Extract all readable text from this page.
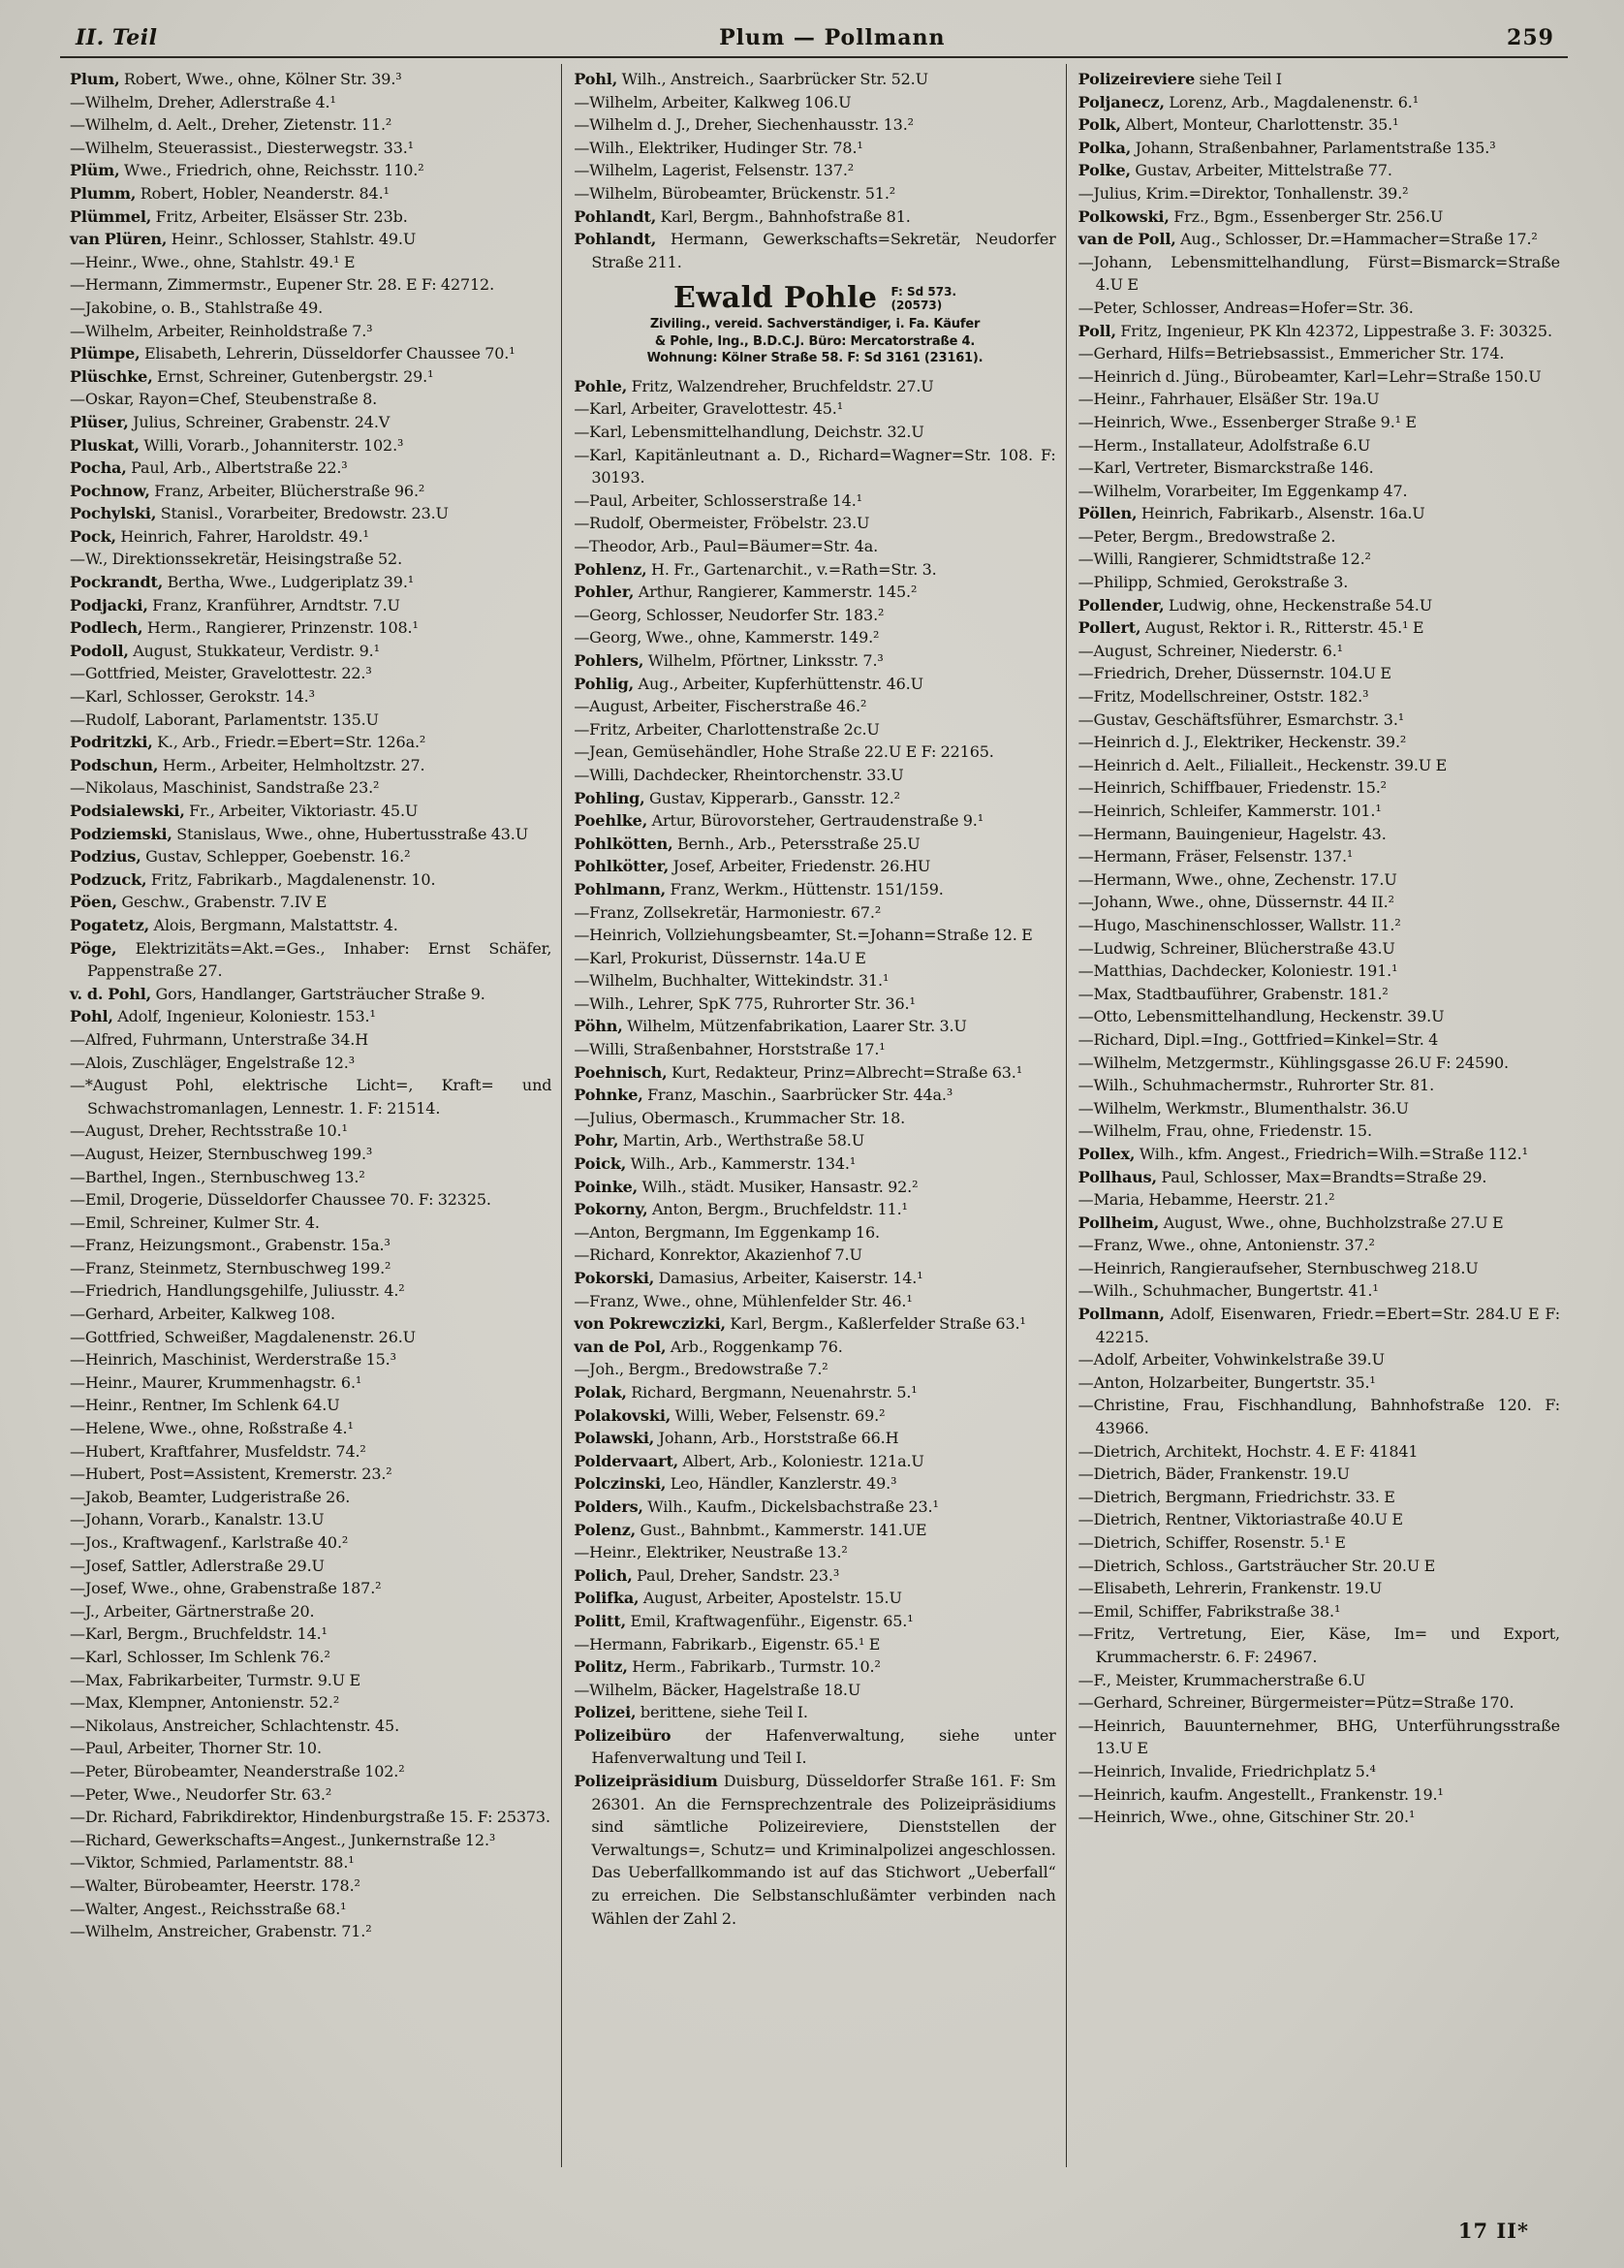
II. Teil	Plum — Pollmann	259

Plum, Robert, Wwe., ohne, Kölner Str. 39.³

—Wilhelm, Dreher, Adlerstraße 4.¹

—Wilhelm, d. Aelt., Dreher, Zietenstr. 11.²

—Wilhelm, Steuerassist., Diesterwegstr. 33.¹

Plüm, Wwe., Friedrich, ohne, Reichsstr. 110.²

Plumm, Robert, Hobler, Neanderstr. 84.¹

Plümmel, Fritz, Arbeiter, Elsässer Str. 23b.

van Plüren, Heinr., Schlosser, Stahlstr. 49.U

—Heinr., Wwe., ohne, Stahlstr. 49.¹ E

—Hermann, Zimmermstr., Eupener Str. 28. E F: 42712.

—Jakobine, o. B., Stahlstraße 49.

—Wilhelm, Arbeiter, Reinholdstraße 7.³

Plümpe, Elisabeth, Lehrerin, Düsseldorfer Chaussee 70.¹

Plüschke, Ernst, Schreiner, Gutenbergstr. 29.¹

—Oskar, Rayon=Chef, Steubenstraße 8.

Plüser, Julius, Schreiner, Grabenstr. 24.V

Pluskat, Willi, Vorarb., Johanniterstr. 102.³

Pocha, Paul, Arb., Albertstraße 22.³

Pochnow, Franz, Arbeiter, Blücherstraße 96.²

Pochylski, Stanisl., Vorarbeiter, Bredowstr. 23.U

Pock, Heinrich, Fahrer, Haroldstr. 49.¹

—W., Direktionssekretär, Heisingstraße 52.

Pockrandt, Bertha, Wwe., Ludgeriplatz 39.¹

Podjacki, Franz, Kranführer, Arndtstr. 7.U

Podlech, Herm., Rangierer, Prinzenstr. 108.¹

Podoll, August, Stukkateur, Verdistr. 9.¹

—Gottfried, Meister, Gravelottestr. 22.³

—Karl, Schlosser, Gerokstr. 14.³

—Rudolf, Laborant, Parlamentstr. 135.U

Podritzki, K., Arb., Friedr.=Ebert=Str. 126a.²

Podschun, Herm., Arbeiter, Helmholtzstr. 27.

—Nikolaus, Maschinist, Sandstraße 23.²

Podsialewski, Fr., Arbeiter, Viktoriastr. 45.U

Podziemski, Stanislaus, Wwe., ohne, Hubertusstraße 43.U

Podzius, Gustav, Schlepper, Goebenstr. 16.²

Podzuck, Fritz, Fabrikarb., Magdalenenstr. 10.

Pöen, Geschw., Grabenstr. 7.IV E

Pogatetz, Alois, Bergmann, Malstattstr. 4.

Pöge, Elektrizitäts=Akt.=Ges., Inhaber: Ernst Schäfer, Pappenstraße 27.

v. d. Pohl, Gors, Handlanger, Gartsträucher Straße 9.

Pohl, Adolf, Ingenieur, Koloniestr. 153.¹

—Alfred, Fuhrmann, Unterstraße 34.H

—Alois, Zuschläger, Engelstraße 12.³

—*August Pohl, elektrische Licht=, Kraft= und Schwachstromanlagen, Lennestr. 1. F: 21514.

—August, Dreher, Rechtsstraße 10.¹

—August, Heizer, Sternbuschweg 199.³

—Barthel, Ingen., Sternbuschweg 13.²

—Emil, Drogerie, Düsseldorfer Chaussee 70. F: 32325.

—Emil, Schreiner, Kulmer Str. 4.

—Franz, Heizungsmont., Grabenstr. 15a.³

—Franz, Steinmetz, Sternbuschweg 199.²

—Friedrich, Handlungsgehilfe, Juliusstr. 4.²

—Gerhard, Arbeiter, Kalkweg 108.

—Gottfried, Schweißer, Magdalenenstr. 26.U

—Heinrich, Maschinist, Werderstraße 15.³

—Heinr., Maurer, Krummenhagstr. 6.¹

—Heinr., Rentner, Im Schlenk 64.U

—Helene, Wwe., ohne, Roßstraße 4.¹

—Hubert, Kraftfahrer, Musfeldstr. 74.²

—Hubert, Post=Assistent, Kremerstr. 23.²

—Jakob, Beamter, Ludgeristraße 26.

—Johann, Vorarb., Kanalstr. 13.U

—Jos., Kraftwagenf., Karlstraße 40.²

—Josef, Sattler, Adlerstraße 29.U

—Josef, Wwe., ohne, Grabenstraße 187.²

—J., Arbeiter, Gärtnerstraße 20.

—Karl, Bergm., Bruchfeldstr. 14.¹

—Karl, Schlosser, Im Schlenk 76.²

—Max, Fabrikarbeiter, Turmstr. 9.U E

—Max, Klempner, Antonienstr. 52.²

—Nikolaus, Anstreicher, Schlachtenstr. 45.

—Paul, Arbeiter, Thorner Str. 10.

—Peter, Bürobeamter, Neanderstraße 102.²

—Peter, Wwe., Neudorfer Str. 63.²

—Dr. Richard, Fabrikdirektor, Hindenburgstraße 15. F: 25373.

—Richard, Gewerkschafts=Angest., Junkernstraße 12.³

—Viktor, Schmied, Parlamentstr. 88.¹

—Walter, Bürobeamter, Heerstr. 178.²

—Walter, Angest., Reichsstraße 68.¹

—Wilhelm, Anstreicher, Grabenstr. 71.²

Pohl, Wilh., Anstreich., Saarbrücker Str. 52.U

—Wilhelm, Arbeiter, Kalkweg 106.U

—Wilhelm d. J., Dreher, Siechenhausstr. 13.²

—Wilh., Elektriker, Hudinger Str. 78.¹

—Wilhelm, Lagerist, Felsenstr. 137.²

—Wilhelm, Bürobeamter, Brückenstr. 51.²

Pohlandt, Karl, Bergm., Bahnhofstraße 81.

Pohlandt, Hermann, Gewerkschafts=Sekretär, Neudorfer Straße 211.

Ewald Pohle F: Sd 573.
(20573)

Ziviling., vereid. Sachverständiger, i. Fa. Käufer

& Pohle, Ing., B.D.C.J. Büro: Mercatorstraße 4.

Wohnung: Kölner Straße 58. F: Sd 3161 (23161).

Pohle, Fritz, Walzendreher, Bruchfeldstr. 27.U

—Karl, Arbeiter, Gravelottestr. 45.¹

—Karl, Lebensmittelhandlung, Deichstr. 32.U

—Karl, Kapitänleutnant a. D., Richard=Wagner=Str. 108. F: 30193.

—Paul, Arbeiter, Schlosserstraße 14.¹

—Rudolf, Obermeister, Fröbelstr. 23.U

—Theodor, Arb., Paul=Bäumer=Str. 4a.

Pohlenz, H. Fr., Gartenarchit., v.=Rath=Str. 3.

Pohler, Arthur, Rangierer, Kammerstr. 145.²

—Georg, Schlosser, Neudorfer Str. 183.²

—Georg, Wwe., ohne, Kammerstr. 149.²

Pohlers, Wilhelm, Pförtner, Linksstr. 7.³

Pohlig, Aug., Arbeiter, Kupferhüttenstr. 46.U

—August, Arbeiter, Fischerstraße 46.²

—Fritz, Arbeiter, Charlottenstraße 2c.U

—Jean, Gemüsehändler, Hohe Straße 22.U E F: 22165.

—Willi, Dachdecker, Rheintorchenstr. 33.U

Pohling, Gustav, Kipperarb., Gansstr. 12.²

Poehlke, Artur, Bürovorsteher, Gertraudenstraße 9.¹

Pohlkötten, Bernh., Arb., Petersstraße 25.U

Pohlkötter, Josef, Arbeiter, Friedenstr. 26.HU

Pohlmann, Franz, Werkm., Hüttenstr. 151/159.

—Franz, Zollsekretär, Harmoniestr. 67.²

—Heinrich, Vollziehungsbeamter, St.=Johann=Straße 12. E

—Karl, Prokurist, Düssernstr. 14a.U E

—Wilhelm, Buchhalter, Wittekindstr. 31.¹

—Wilh., Lehrer, SpK 775, Ruhrorter Str. 36.¹

Pöhn, Wilhelm, Mützenfabrikation, Laarer Str. 3.U

—Willi, Straßenbahner, Horststraße 17.¹

Poehnisch, Kurt, Redakteur, Prinz=Albrecht=Straße 63.¹

Pohnke, Franz, Maschin., Saarbrücker Str. 44a.³

—Julius, Obermasch., Krummacher Str. 18.

Pohr, Martin, Arb., Werthstraße 58.U

Poick, Wilh., Arb., Kammerstr. 134.¹

Poinke, Wilh., städt. Musiker, Hansastr. 92.²

Pokorny, Anton, Bergm., Bruchfeldstr. 11.¹

—Anton, Bergmann, Im Eggenkamp 16.

—Richard, Konrektor, Akazienhof 7.U

Pokorski, Damasius, Arbeiter, Kaiserstr. 14.¹

—Franz, Wwe., ohne, Mühlenfelder Str. 46.¹

von Pokrewczizki, Karl, Bergm., Kaßlerfelder Straße 63.¹

van de Pol, Arb., Roggenkamp 76.

—Joh., Bergm., Bredowstraße 7.²

Polak, Richard, Bergmann, Neuenahrstr. 5.¹

Polakovski, Willi, Weber, Felsenstr. 69.²

Polawski, Johann, Arb., Horststraße 66.H

Poldervaart, Albert, Arb., Koloniestr. 121a.U

Polczinski, Leo, Händler, Kanzlerstr. 49.³

Polders, Wilh., Kaufm., Dickelsbachstraße 23.¹

Polenz, Gust., Bahnbmt., Kammerstr. 141.UE

—Heinr., Elektriker, Neustraße 13.²

Polich, Paul, Dreher, Sandstr. 23.³

Polifka, August, Arbeiter, Apostelstr. 15.U

Politt, Emil, Kraftwagenführ., Eigenstr. 65.¹

—Hermann, Fabrikarb., Eigenstr. 65.¹ E

Politz, Herm., Fabrikarb., Turmstr. 10.²

—Wilhelm, Bäcker, Hagelstraße 18.U

Polizei, berittene, siehe Teil I.

Polizeibüro der Hafenverwaltung, siehe unter Hafenverwaltung und Teil I.

Polizeipräsidium Duisburg, Düsseldorfer Straße 161. F: Sm 26301. An die Fernsprechzentrale des Polizeipräsidiums sind sämtliche Polizeireviere, Dienststellen der Verwaltungs=, Schutz= und Kriminalpolizei angeschlossen. Das Ueberfallkommando ist auf das Stichwort „Ueberfall“ zu erreichen. Die Selbstanschlußämter verbinden nach Wählen der Zahl 2.

Polizeireviere siehe Teil I

Poljanecz, Lorenz, Arb., Magdalenenstr. 6.¹

Polk, Albert, Monteur, Charlottenstr. 35.¹

Polka, Johann, Straßenbahner, Parlamentstraße 135.³

Polke, Gustav, Arbeiter, Mittelstraße 77.

—Julius, Krim.=Direktor, Tonhallenstr. 39.²

Polkowski, Frz., Bgm., Essenberger Str. 256.U

van de Poll, Aug., Schlosser, Dr.=Hammacher=Straße 17.²

—Johann, Lebensmittelhandlung, Fürst=Bismarck=Straße 4.U E

—Peter, Schlosser, Andreas=Hofer=Str. 36.

Poll, Fritz, Ingenieur, PK Kln 42372, Lippestraße 3. F: 30325.

—Gerhard, Hilfs=Betriebsassist., Emmericher Str. 174.

—Heinrich d. Jüng., Bürobeamter, Karl=Lehr=Straße 150.U

—Heinr., Fahrhauer, Elsäßer Str. 19a.U

—Heinrich, Wwe., Essenberger Straße 9.¹ E

—Herm., Installateur, Adolfstraße 6.U

—Karl, Vertreter, Bismarckstraße 146.

—Wilhelm, Vorarbeiter, Im Eggenkamp 47.

Pöllen, Heinrich, Fabrikarb., Alsenstr. 16a.U

—Peter, Bergm., Bredowstraße 2.

—Willi, Rangierer, Schmidtstraße 12.²

—Philipp, Schmied, Gerokstraße 3.

Pollender, Ludwig, ohne, Heckenstraße 54.U

Pollert, August, Rektor i. R., Ritterstr. 45.¹ E

—August, Schreiner, Niederstr. 6.¹

—Friedrich, Dreher, Düssernstr. 104.U E

—Fritz, Modellschreiner, Oststr. 182.³

—Gustav, Geschäftsführer, Esmarchstr. 3.¹

—Heinrich d. J., Elektriker, Heckenstr. 39.²

—Heinrich d. Aelt., Filialleit., Heckenstr. 39.U E

—Heinrich, Schiffbauer, Friedenstr. 15.²

—Heinrich, Schleifer, Kammerstr. 101.¹

—Hermann, Bauingenieur, Hagelstr. 43.

—Hermann, Fräser, Felsenstr. 137.¹

—Hermann, Wwe., ohne, Zechenstr. 17.U

—Johann, Wwe., ohne, Düssernstr. 44 II.²

—Hugo, Maschinenschlosser, Wallstr. 11.²

—Ludwig, Schreiner, Blücherstraße 43.U

—Matthias, Dachdecker, Koloniestr. 191.¹

—Max, Stadtbauführer, Grabenstr. 181.²

—Otto, Lebensmittelhandlung, Heckenstr. 39.U

—Richard, Dipl.=Ing., Gottfried=Kinkel=Str. 4

—Wilhelm, Metzgermstr., Kühlingsgasse 26.U F: 24590.

—Wilh., Schuhmachermstr., Ruhrorter Str. 81.

—Wilhelm, Werkmstr., Blumenthalstr. 36.U

—Wilhelm, Frau, ohne, Friedenstr. 15.

Pollex, Wilh., kfm. Angest., Friedrich=Wilh.=Straße 112.¹

Pollhaus, Paul, Schlosser, Max=Brandts=Straße 29.

—Maria, Hebamme, Heerstr. 21.²

Pollheim, August, Wwe., ohne, Buchholzstraße 27.U E

—Franz, Wwe., ohne, Antonienstr. 37.²

—Heinrich, Rangieraufseher, Sternbuschweg 218.U

—Wilh., Schuhmacher, Bungertstr. 41.¹

Pollmann, Adolf, Eisenwaren, Friedr.=Ebert=Str. 284.U E F: 42215.

—Adolf, Arbeiter, Vohwinkelstraße 39.U

—Anton, Holzarbeiter, Bungertstr. 35.¹

—Christine, Frau, Fischhandlung, Bahnhofstraße 120. F: 43966.

—Dietrich, Architekt, Hochstr. 4. E F: 41841

—Dietrich, Bäder, Frankenstr. 19.U

—Dietrich, Bergmann, Friedrichstr. 33. E

—Dietrich, Rentner, Viktoriastraße 40.U E

—Dietrich, Schiffer, Rosenstr. 5.¹ E

—Dietrich, Schloss., Gartsträucher Str. 20.U E

—Elisabeth, Lehrerin, Frankenstr. 19.U

—Emil, Schiffer, Fabrikstraße 38.¹

—Fritz, Vertretung, Eier, Käse, Im= und Export, Krummacherstr. 6. F: 24967.

—F., Meister, Krummacherstraße 6.U

—Gerhard, Schreiner, Bürgermeister=Pütz=Straße 170.

—Heinrich, Bauunternehmer, BHG, Unterführungsstraße 13.U E

—Heinrich, Invalide, Friedrichplatz 5.⁴

—Heinrich, kaufm. Angestellt., Frankenstr. 19.¹

—Heinrich, Wwe., ohne, Gitschiner Str. 20.¹

17 II*
